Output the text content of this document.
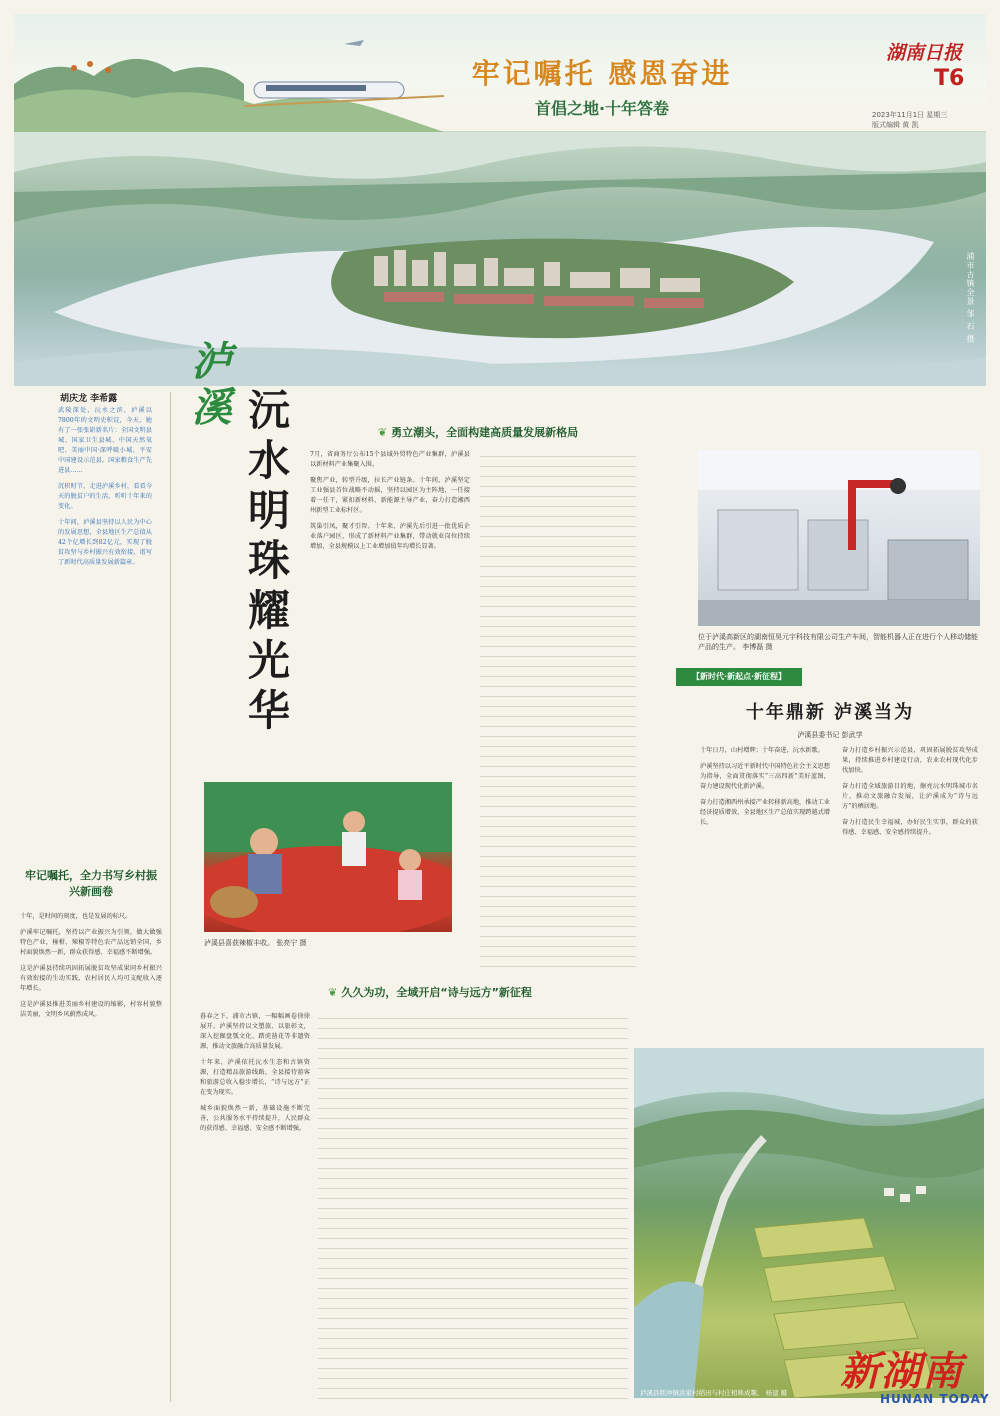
牢记嘱托 感恩奋进
首倡之地·十年答卷
湖南日报
T6
2023年11月1日 星期三
版式编辑 黄 凯
浦市古镇全景 邹 石 摄
泸溪
沅水明珠耀光华
胡庆龙 李希露
武陵深处，沅水之滨，泸溪以7800年的文明史积淀，今天，她有了一张张崭新名片：全国文明县城、国家卫生县城、中国天然氧吧、美丽中国·深呼吸小城、平安中国建设示范县、国家粮食生产先进县……
沉积时节，走进泸溪乡村，看看今天的脱贫户的生活，听听十年来的变化。
十年间，泸溪县坚持以人民为中心的发展思想，全县地区生产总值从42个亿增长到82亿元，实现了脱贫攻坚与乡村振兴有效衔接，谱写了新时代高质量发展新篇章。
牢记嘱托，全力书写乡村振兴新画卷
十年，是时间的刻度，也是发展的标尺。
泸溪牢记嘱托，坚持以产业振兴为引领，做大做强特色产业，椪柑、辣椒等特色农产品远销全国，乡村面貌焕然一新，群众获得感、幸福感不断增强。
这是泸溪县持续巩固拓展脱贫攻坚成果同乡村振兴有效衔接的生动实践，农村居民人均可支配收入逐年增长。
这是泸溪县推进美丽乡村建设的缩影，村容村貌整洁美丽，文明乡风蔚然成风。
❦ 勇立潮头，全面构建高质量发展新格局
7月，省商务厅公布15个县域外贸特色产业集群，泸溪县以新材料产业集聚入围。
聚焦产业，转型升级，拉长产业链条。十年间，泸溪坚定工业强县首位战略不动摇，坚持以园区为主阵地，一任接着一任干，紧扣新材料、新能源主导产业，奋力打造湘西州新型工业标杆区。
筑巢引凤，聚才引智。十年来，泸溪先后引进一批优质企业落户园区，形成了新材料产业集群，带动就业岗位持续增加，全县规模以上工业增加值年均增长显著。
泸溪县喜获辣椒丰收。 张亮宁 摄
❦ 久久为功，全域开启“诗与远方”新征程
暮春之下，浦市古镇，一幅幅画卷徐徐展开。泸溪坚持以文塑旅、以旅彰文，深入挖掘盘瓠文化、踏虎凿花等非遗资源，推动文旅融合高质量发展。
十年来，泸溪依托沅水生态和古镇资源，打造精品旅游线路，全县接待游客和旅游总收入稳步增长，“诗与远方”正在变为现实。
城乡面貌焕然一新，基础设施不断完善，公共服务水平持续提升，人民群众的获得感、幸福感、安全感不断增强。
位于泸溪高新区的湖南恒昊元宇科技有限公司生产车间，智能机器人正在进行个人移动储能产品的生产。 李博磊 摄
【新时代·新起点·新征程】
十年鼎新 泸溪当为
泸溪县委书记 彭武学
十年日月，山村增辉；十年奋进，沅水新歌。
泸溪坚持以习近平新时代中国特色社会主义思想为指导，全面贯彻落实“三高四新”美好蓝图，奋力建设现代化新泸溪。
奋力打造湘西州承接产业转移新高地，推动工业经济提质增效，全县地区生产总值实现跨越式增长。
奋力打造乡村振兴示范县，巩固拓展脱贫攻坚成果，持续推进乡村建设行动，农业农村现代化步伐加快。
奋力打造全域旅游目的地，擦亮沅水明珠城市名片，推动文旅融合发展，让泸溪成为“诗与远方”的栖居地。
奋力打造民生幸福城，办好民生实事，群众的获得感、幸福感、安全感持续提升。
泸溪县铁冲镇洪家村稻田与村庄相映成趣。 杨建 摄	新湖南
HUNAN TODAY
